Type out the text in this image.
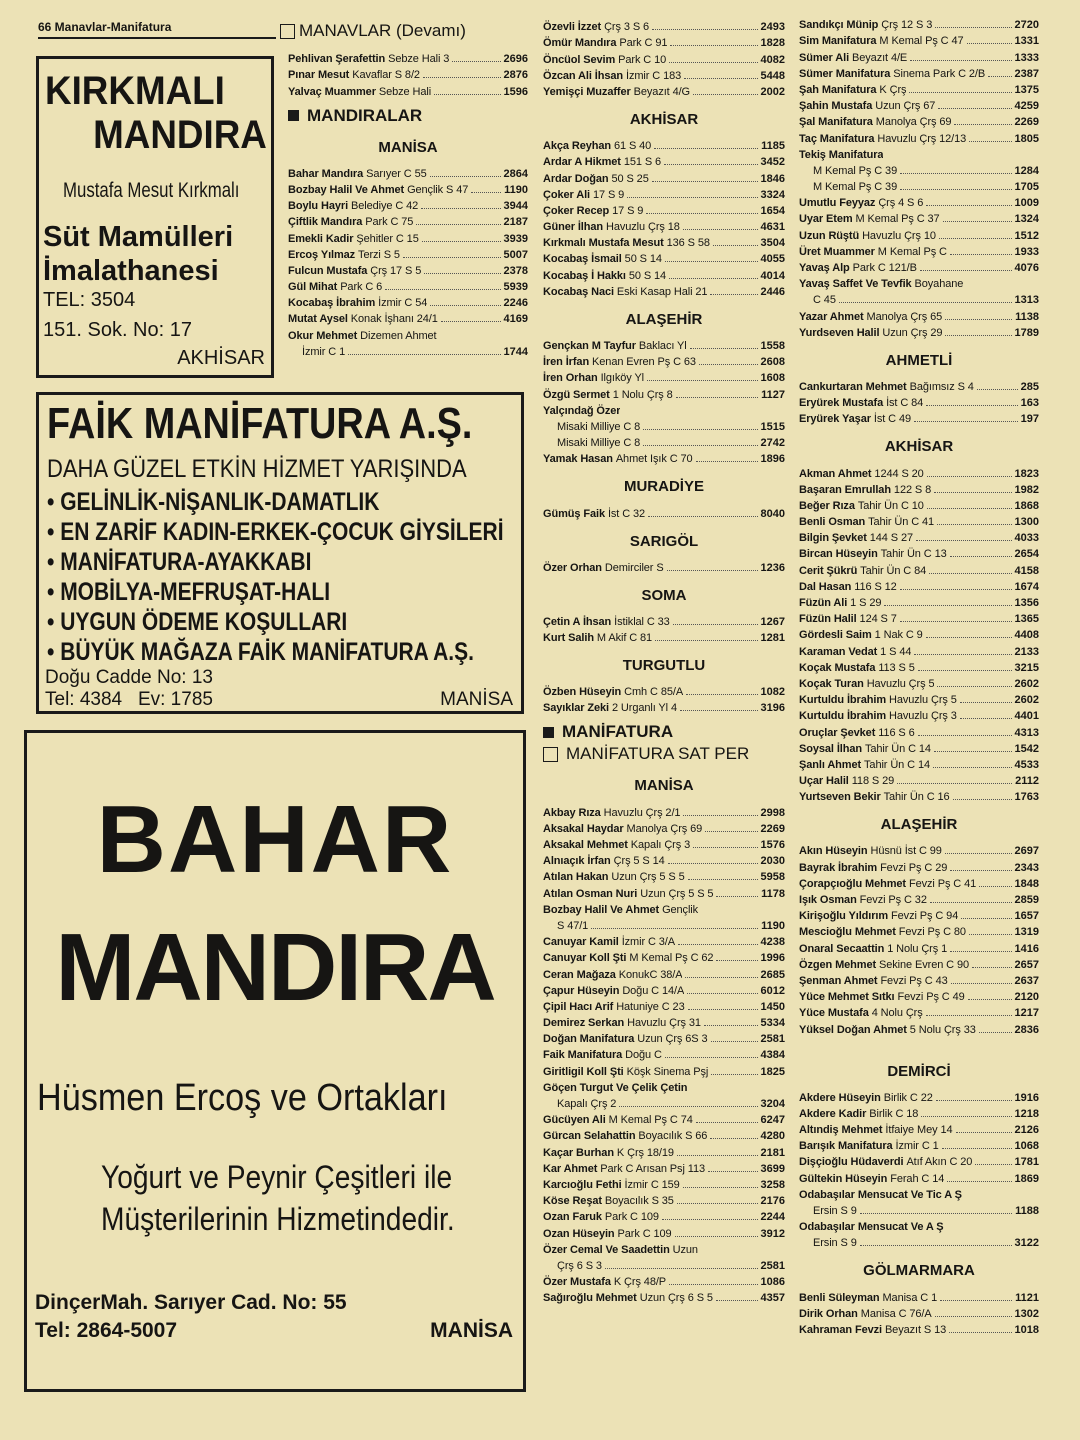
66 Manavlar-Manifatura	MANAVLAR (Devamı)
KIRKMALI
MANDIRA
Mustafa Mesut Kırkmalı
Süt Mamülleri
İmalathanesi
TEL: 3504
151. Sok. No: 17
AKHİSAR
FAİK MANİFATURA A.Ş.
DAHA GÜZEL ETKİN HİZMET YARIŞINDA
• GELİNLİK-NİŞANLIK-DAMATLIK
• EN ZARİF KADIN-ERKEK-ÇOCUK GİYSİLERİ
• MANİFATURA-AYAKKABI
• MOBİLYA-MEFRUŞAT-HALI
• UYGUN ÖDEME KOŞULLARI
• BÜYÜK MAĞAZA FAİK MANİFATURA A.Ş.
Doğu Cadde No: 13
Tel: 4384   Ev: 1785	MANİSA
BAHAR
MANDIRA
Hüsmen Ercoş ve Ortakları
Yoğurt ve Peynir Çeşitleri ile
Müşterilerinin Hizmetindedir.
DinçerMah. Sarıyer Cad. No: 55
Tel: 2864-5007	MANİSA
Pehlivan Şerafettin Sebze Hali 3	2696
Pınar Mesut Kavaflar S 8/2	2876
Yalvaç Muammer Sebze Hali	1596
MANDIRALAR
MANİSA
Bahar Mandıra Sarıyer C 55	2864
Bozbay Halil Ve Ahmet Gençlik S 47	1190
Boylu Hayri Belediye C 42	3944
Çiftlik Mandıra Park C 75	2187
Emekli Kadir Şehitler C 15	3939
Ercoş Yılmaz Terzi S 5	5007
Fulcun Mustafa Çrş 17 S 5	2378
Gül Mihat Park C 6	5939
Kocabaş İbrahim İzmir C 54	2246
Mutat Aysel Konak İşhanı 24/1	4169
Okur Mehmet Dizemen Ahmet
İzmir C 1	1744
Özevli İzzet Çrş 3 S 6	2493
Ömür Mandıra Park C 91	1828
Öncüol Sevim Park C 10	4082
Özcan Ali İhsan İzmir C 183	5448
Yemişçi Muzaffer Beyazıt 4/G	2002
AKHİSAR
Akça Reyhan 61 S 40	1185
Ardar A Hikmet 151 S 6	3452
Ardar Doğan 50 S 25	1846
Çoker Ali 17 S 9	3324
Çoker Recep 17 S 9	1654
Güner İlhan Havuzlu Çrş 18	4631
Kırkmalı Mustafa Mesut 136 S 58	3504
Kocabaş İsmail 50 S 14	4055
Kocabaş İ Hakkı 50 S 14	4014
Kocabaş Naci Eski Kasap Hali 21	2446
ALAŞEHİR
Gençkan M Tayfur Baklacı Yl	1558
İren İrfan Kenan Evren Pş C 63	2608
İren Orhan Ilgıköy Yl	1608
Özgü Sermet 1 Nolu Çrş 8	1127
Yalçındağ Özer
Misaki Milliye C 8	1515
Misaki Milliye C 8	2742
Yamak Hasan Ahmet Işık C 70	1896
MURADİYE
Gümüş Faik İst C 32	8040
SARIGÖL
Özer Orhan Demirciler S	1236
SOMA
Çetin A İhsan İstiklal C 33	1267
Kurt Salih M Akif C 81	1281
TURGUTLU
Özben Hüseyin Cmh C 85/A	1082
Sayıklar Zeki 2 Urganlı Yl 4	3196
MANİFATURA
MANİFATURA SAT PER
MANİSA
Akbay Rıza Havuzlu Çrş 2/1	2998
Aksakal Haydar Manolya Çrş 69	2269
Aksakal Mehmet Kapalı Çrş 3	1576
Alnıaçık İrfan Çrş 5 S 14	2030
Atılan Hakan Uzun Çrş 5 S 5	5958
Atılan Osman Nuri Uzun Çrş 5 S 5	1178
Bozbay Halil Ve Ahmet Gençlik
S 47/1	1190
Canuyar Kamil İzmir C 3/A	4238
Canuyar Koll Şti M Kemal Pş C 62	1996
Ceran Mağaza KonukC 38/A	2685
Çapur Hüseyin Doğu C 14/A	6012
Çipil Hacı Arif Hatuniye C 23	1450
Demirez Serkan Havuzlu Çrş 31	5334
Doğan Manifatura Uzun Çrş 6S 3	2581
Faik Manifatura Doğu C	4384
Giritligil Koll Şti Köşk Sinema Pşj	1825
Göçen Turgut Ve Çelik Çetin
Kapalı Çrş 2	3204
Gücüyen Ali M Kemal Pş C 74	6247
Gürcan Selahattin Boyacılık S 66	4280
Kaçar Burhan K Çrş 18/19	2181
Kar Ahmet Park C Arısan Psj 113	3699
Karcıoğlu Fethi İzmir C 159	3258
Köse Reşat Boyacılık S 35	2176
Ozan Faruk Park C 109	2244
Ozan Hüseyin Park C 109	3912
Özer Cemal Ve Saadettin Uzun
Çrş 6 S 3	2581
Özer Mustafa K Çrş 48/P	1086
Sağıroğlu Mehmet Uzun Çrş 6 S 5	4357
Sandıkçı Münip Çrş 12 S 3	2720
Sim Manifatura M Kemal Pş C 47	1331
Sümer Ali Beyazıt 4/E	1333
Sümer Manifatura Sinema Park C 2/B	2387
Şah Manifatura K Çrş	1375
Şahin Mustafa Uzun Çrş 67	4259
Şal Manifatura Manolya Çrş 69	2269
Taç Manifatura Havuzlu Çrş 12/13	1805
Tekiş Manifatura
M Kemal Pş C 39	1284
M Kemal Pş C 39	1705
Umutlu Feyyaz Çrş 4 S 6	1009
Uyar Etem M Kemal Pş C 37	1324
Uzun Rüştü Havuzlu Çrş 10	1512
Üret Muammer M Kemal Pş C	1933
Yavaş Alp Park C 121/B	4076
Yavaş Saffet Ve Tevfik Boyahane
C 45	1313
Yazar Ahmet Manolya Çrş 65	1138
Yurdseven Halil Uzun Çrş 29	1789
AHMETLİ
Cankurtaran Mehmet Bağımsız S 4	285
Eryürek Mustafa İst C 84	163
Eryürek Yaşar İst C 49	197
AKHİSAR
Akman Ahmet 1244 S 20	1823
Başaran Emrullah 122 S 8	1982
Beğer Rıza Tahir Ün C 10	1868
Benli Osman Tahir Ün C 41	1300
Bilgin Şevket 144 S 27	4033
Bircan Hüseyin Tahir Ün C 13	2654
Cerit Şükrü Tahir Ün C 84	4158
Dal Hasan 116 S 12	1674
Füzün Ali 1 S 29	1356
Füzün Halil 124 S 7	1365
Gördesli Saim 1 Nak C 9	4408
Karaman Vedat 1 S 44	2133
Koçak Mustafa 113 S 5	3215
Koçak Turan Havuzlu Çrş 5	2602
Kurtuldu İbrahim Havuzlu Çrş 5	2602
Kurtuldu İbrahim Havuzlu Çrş 3	4401
Oruçlar Şevket 116 S 6	4313
Soysal İlhan Tahir Ün C 14	1542
Şanlı Ahmet Tahir Ün C 14	4533
Uçar Halil 118 S 29	2112
Yurtseven Bekir Tahir Ün C 16	1763
ALAŞEHİR
Akın Hüseyin Hüsnü İst C 99	2697
Bayrak İbrahim Fevzi Pş C 29	2343
Çorapçıoğlu Mehmet Fevzi Pş C 41	1848
Işık Osman Fevzi Pş C 32	2859
Kirişoğlu Yıldırım Fevzi Pş C 94	1657
Mescioğlu Mehmet Fevzi Pş C 80	1319
Onaral Secaattin 1 Nolu Çrş 1	1416
Özgen Mehmet Sekine Evren C 90	2657
Şenman Ahmet Fevzi Pş C 43	2637
Yüce Mehmet Sıtkı Fevzi Pş C 49	2120
Yüce Mustafa 4 Nolu Çrş	1217
Yüksel Doğan Ahmet 5 Nolu Çrş 33	2836
DEMİRCİ
Akdere Hüseyin Birlik C 22	1916
Akdere Kadir Birlik C 18	1218
Altındiş Mehmet İtfaiye Mey 14	2126
Barışık Manifatura İzmir C 1	1068
Dişçioğlu Hüdaverdi Atıf Akın C 20	1781
Gültekin Hüseyin Ferah C 14	1869
Odabaşılar Mensucat Ve Tic A Ş
Ersin S 9	1188
Odabaşılar Mensucat Ve A Ş
Ersin S 9	3122
GÖLMARMARA
Benli Süleyman Manisa C 1	1121
Dirik Orhan Manisa C 76/A	1302
Kahraman Fevzi Beyazıt S 13	1018
